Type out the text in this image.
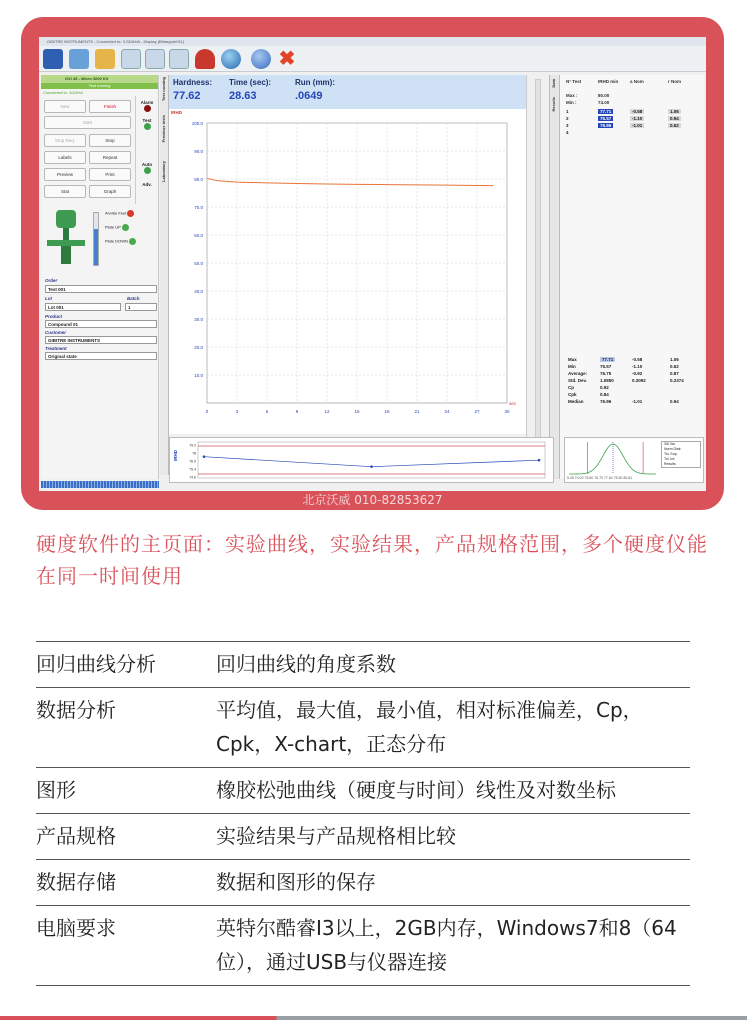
GIBITRE INSTRUMENTS - Connected to: 3.GDAHA - Display (Bihargrub011)
✖
ISO 48 - Micro 3000 Kit
Test running
Connected to: 3GDHA
New	Finish
Start
Stop Req.	Stop
Labels	Repeat
Preview	Print
Stat	Graph
Alarm
Test
Auto
Adv.
Anvilar Feet
Plate UP
Plate DOWN
Order
Test 001
Lot
Lot 001
Batch
1
Product
Compound 01
Customer
GIBITRE INSTRUMENTS
Treatment
Original state
Test running
Previous tests
Laboratory
Hardness:
77.62
Time (sec):
28.63
Run (mm):
.0649
IRHD
0	3	6	9	12	15	18	21	24	27	30
100.0
90.0
80.0
70.0
60.0
50.0
40.0
30.0
20.0
10.0
sec
Data
Results
N° Test	IRHD min	a Nom	r Nom
Max :	80.00
Min :	74.00
1	77.71	-0.58	1.06
2	75.57	-1.10	0.94
3	76.96	-1.01	0.62
4
Max	77.71	-0.58	1.06
Min	75.57	-1.10	0.62
Average:	76.75	-0.92	0.87
Std. Dev.	1.0850	0.3092	0.2374
Cp	0.92
Cpk	0.84
Median	76.96	-1.01	0.94
IRHD
79.2
78
76.0
75.4
74.6
3/5 Var
Norm Distr.
Tol. Sup.
Tol. Inf.
Results
5.45 74.00 75.80 76.70 77.64 78.50 80.81
北京沃威 010-82853627
硬度软件的主页面：实验曲线，实验结果，产品规格范围，多个硬度仪能在同一时间使用
回归曲线分析	回归曲线的角度系数
数据分析	平均值，最大值，最小值，相对标准偏差，Cp，Cpk，X-chart，正态分布
图形	橡胶松弛曲线（硬度与时间）线性及对数坐标
产品规格	实验结果与产品规格相比较
数据存储	数据和图形的保存
电脑要求	英特尔酷睿I3以上，2GB内存，Windows7和8（64位），通过USB与仪器连接
